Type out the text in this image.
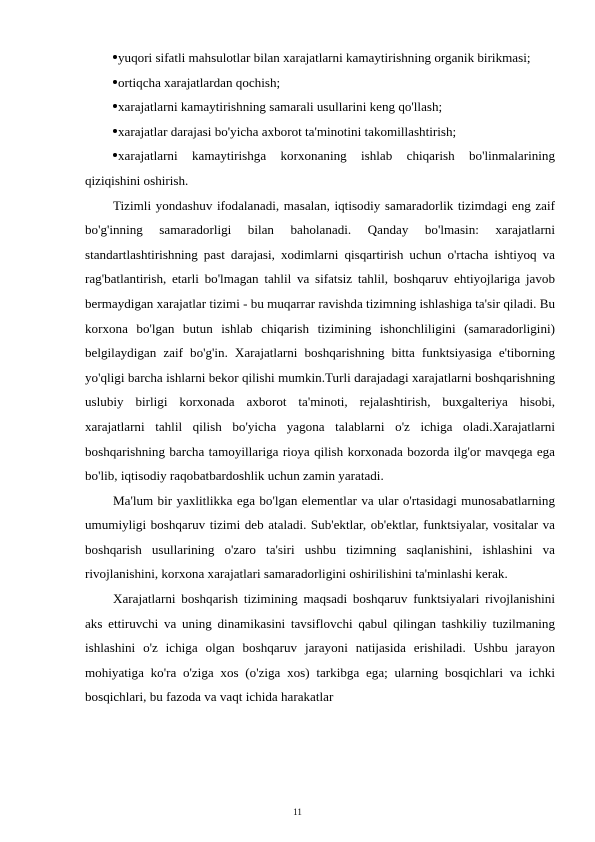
yuqori sifatli mahsulotlar bilan xarajatlarni kamaytirishning organik birikmasi;

ortiqcha xarajatlardan qochish;

xarajatlarni kamaytirishning samarali usullarini keng qo'llash;

xarajatlar darajasi bo'yicha axborot ta'minotini takomillashtirish;

xarajatlarni kamaytirishga korxonaning ishlab chiqarish bo'linmalarining qiziqishini oshirish.

Tizimli yondashuv ifodalanadi, masalan, iqtisodiy samaradorlik tizimdagi eng zaif bo'g'inning samaradorligi bilan baholanadi. Qanday bo'lmasin: xarajatlarni standartlashtirishning past darajasi, xodimlarni qisqartirish uchun o'rtacha ishtiyoq va rag'batlantirish, etarli bo'lmagan tahlil va sifatsiz tahlil, boshqaruv ehtiyojlariga javob bermaydigan xarajatlar tizimi - bu muqarrar ravishda tizimning ishlashiga ta'sir qiladi. Bu korxona bo'lgan butun ishlab chiqarish tizimining ishonchliligini (samaradorligini) belgilaydigan zaif bo'g'in. Xarajatlarni boshqarishning bitta funktsiyasiga e'tiborning yo'qligi barcha ishlarni bekor qilishi mumkin.Turli darajadagi xarajatlarni boshqarishning uslubiy birligi korxonada axborot ta'minoti, rejalashtirish, buxgalteriya hisobi, xarajatlarni tahlil qilish bo'yicha yagona talablarni o'z ichiga oladi.Xarajatlarni boshqarishning barcha tamoyillariga rioya qilish korxonada bozorda ilg'or mavqega ega bo'lib, iqtisodiy raqobatbardoshlik uchun zamin yaratadi.

Ma'lum bir yaxlitlikka ega bo'lgan elementlar va ular o'rtasidagi munosabatlarning umumiyligi boshqaruv tizimi deb ataladi. Sub'ektlar, ob'ektlar, funktsiyalar, vositalar va boshqarish usullarining o'zaro ta'siri ushbu tizimning saqlanishini, ishlashini va rivojlanishini, korxona xarajatlari samaradorligini oshirilishini ta'minlashi kerak.

Xarajatlarni boshqarish tizimining maqsadi boshqaruv funktsiyalari rivojlanishini aks ettiruvchi va uning dinamikasini tavsiflovchi qabul qilingan tashkiliy tuzilmaning ishlashini o'z ichiga olgan boshqaruv jarayoni natijasida erishiladi. Ushbu jarayon mohiyatiga ko'ra o'ziga xos (o'ziga xos) tarkibga ega; ularning bosqichlari va ichki bosqichlari, bu fazoda va vaqt ichida harakatlar

11
